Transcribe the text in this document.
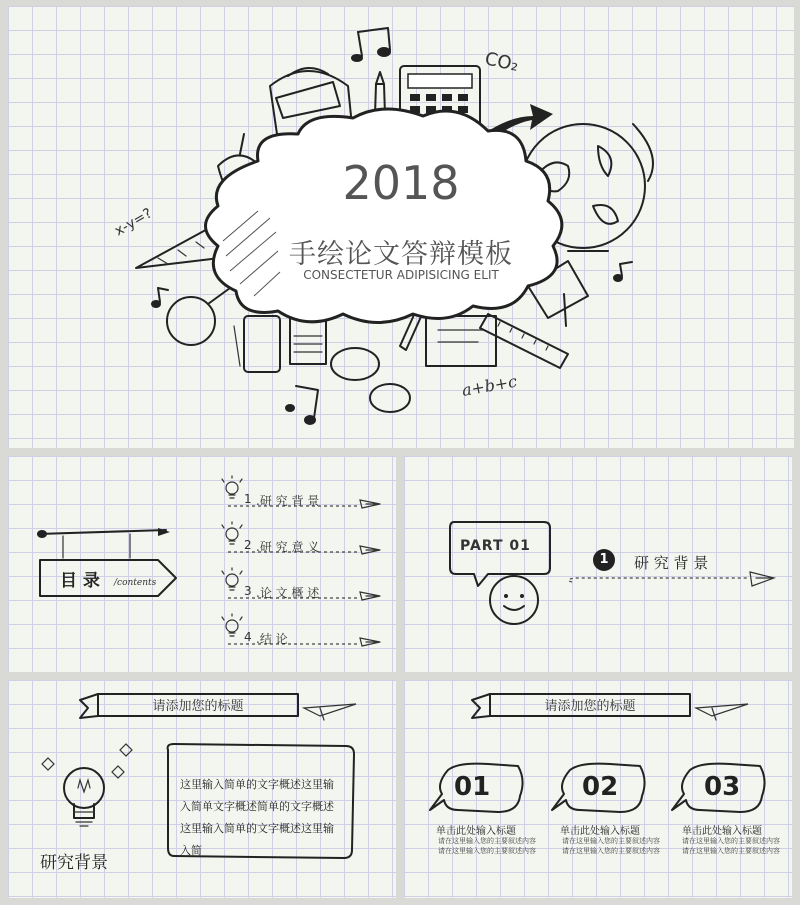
x-y=?
CO₂
a+b+c
2018
手绘论文答辩模板
CONSECTETUR ADIPISICING ELIT
目 录 /contents
1 .研 究 背 景
2 .研 究 意 义
3 .论 文 概 述
4 .结 论
PART 01
1	研 究 背 景
请添加您的标题
研究背景
这里输入简单的文字概述这里输
入简单文字概述简单的文字概述
这里输入简单的文字概述这里输
入简
请添加您的标题
01
单击此处输入标题
请在这里输入您的主要叙述内容
请在这里输入您的主要叙述内容
02
单击此处输入标题
请在这里输入您的主要叙述内容
请在这里输入您的主要叙述内容
03
单击此处输入标题
请在这里输入您的主要叙述内容
请在这里输入您的主要叙述内容
